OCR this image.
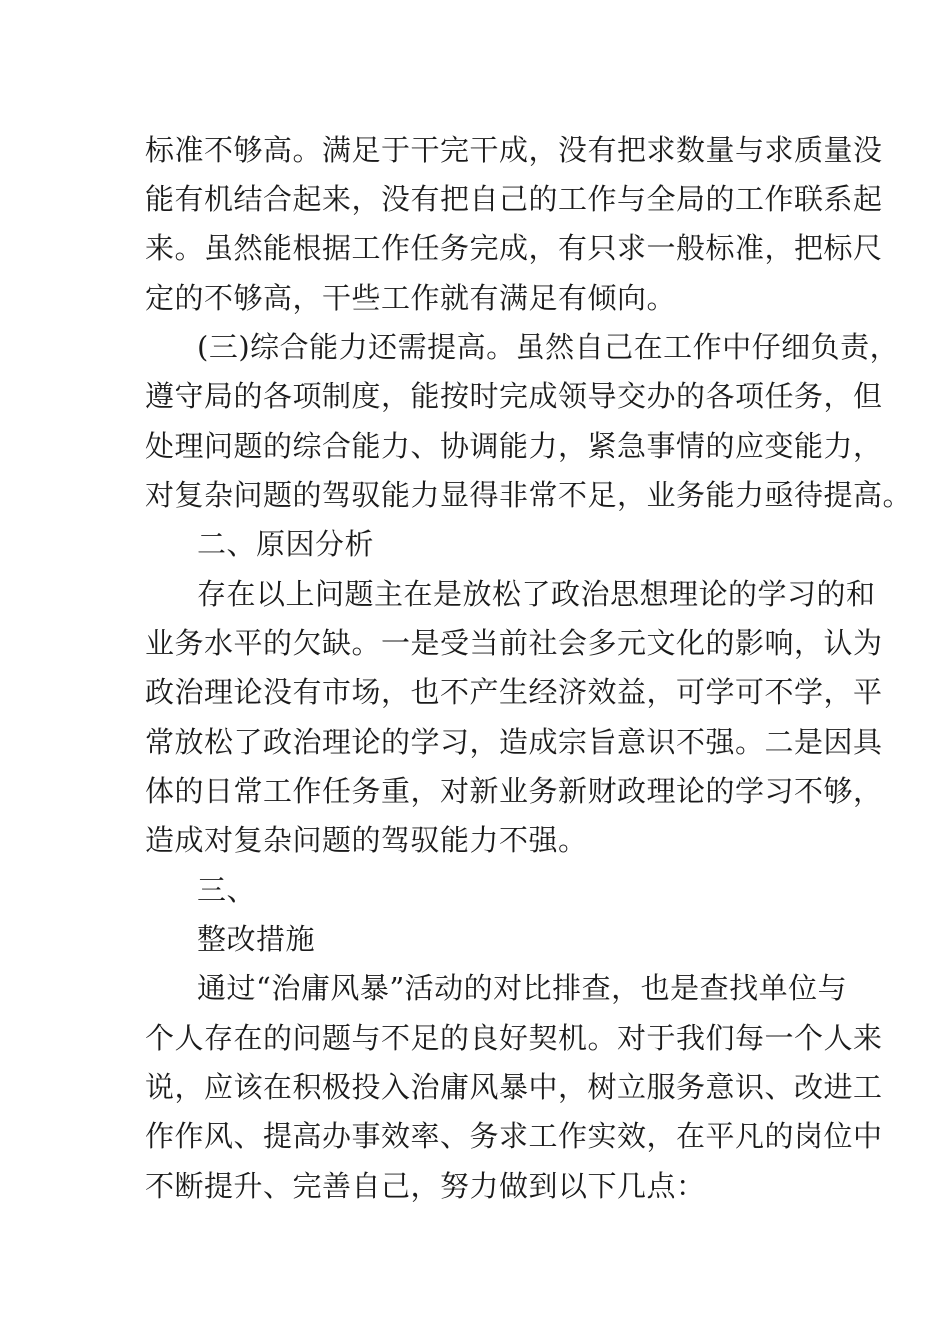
标准不够高。满足于干完干成，没有把求数量与求质量没
能有机结合起来，没有把自己的工作与全局的工作联系起
来。虽然能根据工作任务完成，有只求一般标准，把标尺
定的不够高，干些工作就有满足有倾向。
(三)综合能力还需提高。虽然自己在工作中仔细负责，
遵守局的各项制度，能按时完成领导交办的各项任务，但
处理问题的综合能力、协调能力，紧急事情的应变能力，
对复杂问题的驾驭能力显得非常不足，业务能力亟待提高。
二、原因分析
存在以上问题主在是放松了政治思想理论的学习的和
业务水平的欠缺。一是受当前社会多元文化的影响，认为
政治理论没有市场，也不产生经济效益，可学可不学，平
常放松了政治理论的学习，造成宗旨意识不强。二是因具
体的日常工作任务重，对新业务新财政理论的学习不够，
造成对复杂问题的驾驭能力不强。
三、
整改措施
通过“治庸风暴”活动的对比排查，也是查找单位与
个人存在的问题与不足的良好契机。对于我们每一个人来
说，应该在积极投入治庸风暴中，树立服务意识、改进工
作作风、提高办事效率、务求工作实效，在平凡的岗位中
不断提升、完善自己，努力做到以下几点：
